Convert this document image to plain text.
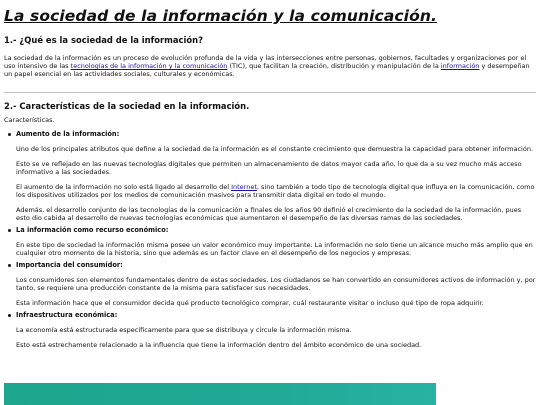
La sociedad de la información y la comunicación.
1.- ¿Qué es la sociedad de la información?

La sociedad de la información es un proceso de evolución profunda de la vida y las intersecciones entre personas, gobiernos, facultades y organizaciones por el uso intensivo de las tecnologías de la información y la comunicación (TIC), que facilitan la creación, distribución y manipulación de la información y desempeñan un papel esencial en las actividades sociales, culturales y económicas.

2.- Características de la sociedad en la información.

Características.

Aumento de la información:

Uno de los principales atributos que define a la sociedad de la información es el constante crecimiento que demuestra la capacidad para obtener información.

Esto se ve reflejado en las nuevas tecnologías digitales que permiten un almacenamiento de datos mayor cada año, lo que da a su vez mucho más acceso informativo a las sociedades.

El aumento de la información no solo está ligado al desarrollo del Internet, sino también a todo tipo de tecnología digital que influya en la comunicación, como los dispositivos utilizados por los medios de comunicación masivos para transmitir data digital en todo el mundo.

Además, el desarrollo conjunto de las tecnologías de la comunicación a finales de los años 90 definió el crecimiento de la sociedad de la información, pues esto dio cabida al desarrollo de nuevas tecnologías económicas que aumentaron el desempeño de las diversas ramas de las sociedades.

La información como recurso económico:

En este tipo de sociedad la información misma posee un valor económico muy importante. La información no solo tiene un alcance mucho más amplio que en cualquier otro momento de la historia, sino que además es un factor clave en el desempeño de los negocios y empresas.

Importancia del consumidor:

Los consumidores son elementos fundamentales dentro de estas sociedades. Los ciudadanos se han convertido en consumidores activos de información y, por tanto, se requiere una producción constante de la misma para satisfacer sus necesidades.

Esta información hace que el consumidor decida qué producto tecnológico comprar, cuál restaurante visitar o incluso qué tipo de ropa adquirir.

Infraestructura económica:

La economía está estructurada específicamente para que se distribuya y circule la información misma.

Esto está estrechamente relacionado a la influencia que tiene la información dentro del ámbito económico de una sociedad.
